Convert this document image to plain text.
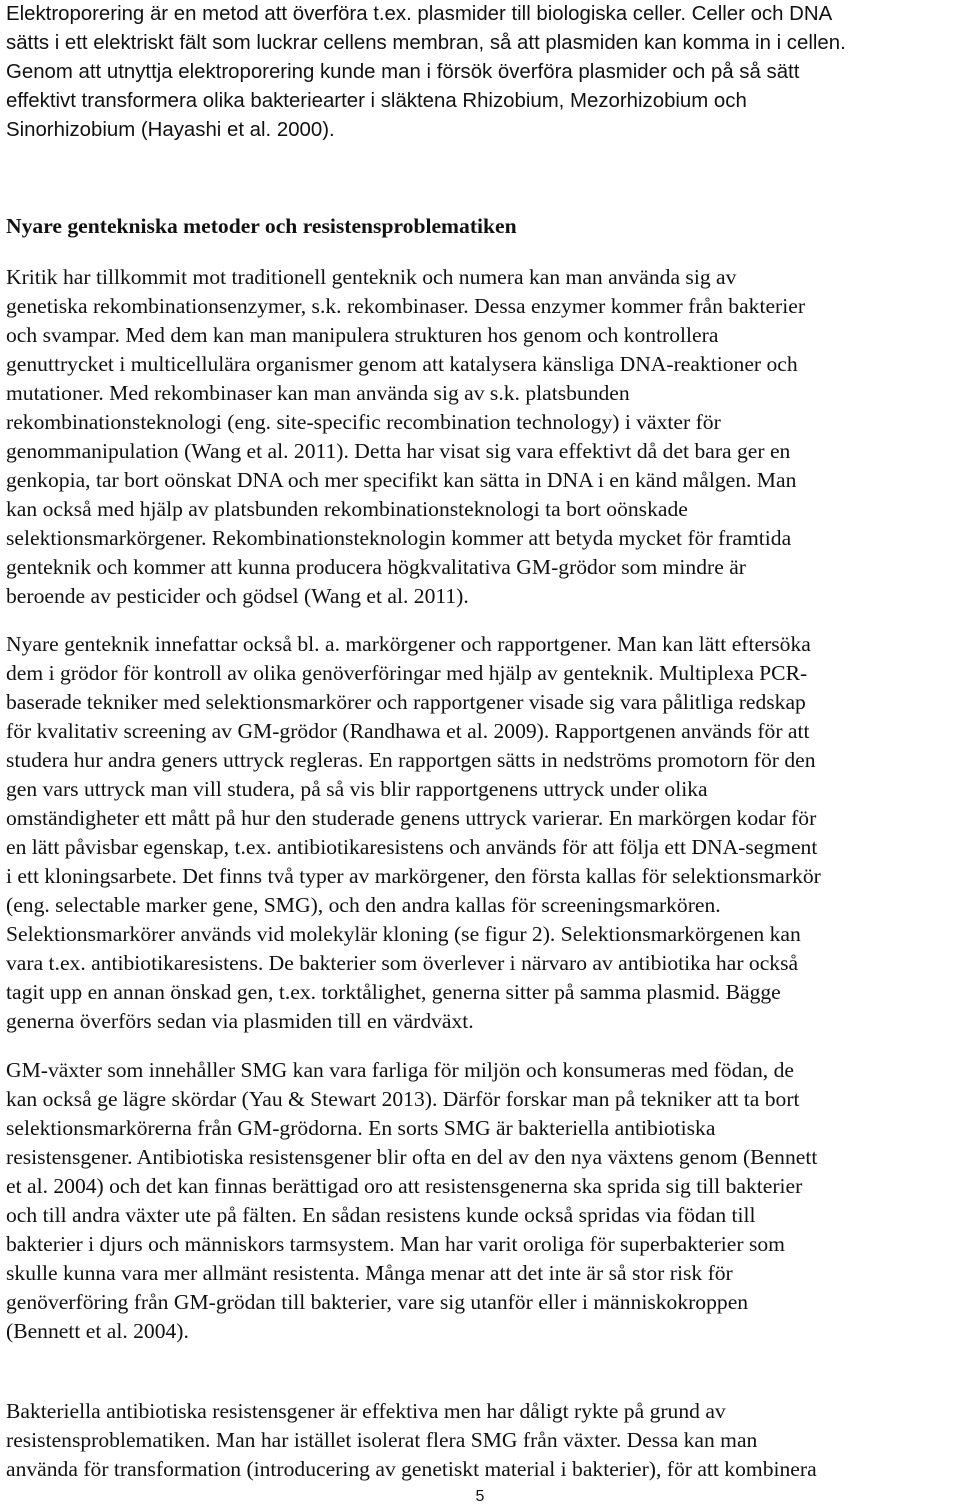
Elektroporering är en metod att överföra t.ex. plasmider till biologiska celler. Celler och DNA
sätts i ett elektriskt fält som luckrar cellens membran, så att plasmiden kan komma in i cellen.
Genom att utnyttja elektroporering kunde man i försök överföra plasmider och på så sätt
effektivt transformera olika bakteriearter i släktena Rhizobium, Mezorhizobium och
Sinorhizobium (Hayashi et al. 2000).

Nyare gentekniska metoder och resistensproblematiken

Kritik har tillkommit mot traditionell genteknik och numera kan man använda sig av
genetiska rekombinationsenzymer, s.k. rekombinaser. Dessa enzymer kommer från bakterier
och svampar. Med dem kan man manipulera strukturen hos genom och kontrollera
genuttrycket i multicellulära organismer genom att katalysera känsliga DNA-reaktioner och
mutationer. Med rekombinaser kan man använda sig av s.k. platsbunden
rekombinationsteknologi (eng. site-specific recombination technology) i växter för
genommanipulation (Wang et al. 2011). Detta har visat sig vara effektivt då det bara ger en
genkopia, tar bort oönskat DNA och mer specifikt kan sätta in DNA i en känd målgen. Man
kan också med hjälp av platsbunden rekombinationsteknologi ta bort oönskade
selektionsmarkörgener. Rekombinationsteknologin kommer att betyda mycket för framtida
genteknik och kommer att kunna producera högkvalitativa GM-grödor som mindre är
beroende av pesticider och gödsel (Wang et al. 2011).

Nyare genteknik innefattar också bl. a. markörgener och rapportgener. Man kan lätt eftersöka
dem i grödor för kontroll av olika genöverföringar med hjälp av genteknik. Multiplexa PCR-
baserade tekniker med selektionsmarkörer och rapportgener visade sig vara pålitliga redskap
för kvalitativ screening av GM-grödor (Randhawa et al. 2009). Rapportgenen används för att
studera hur andra geners uttryck regleras. En rapportgen sätts in nedströms promotorn för den
gen vars uttryck man vill studera, på så vis blir rapportgenens uttryck under olika
omständigheter ett mått på hur den studerade genens uttryck varierar. En markörgen kodar för
en lätt påvisbar egenskap, t.ex. antibiotikaresistens och används för att följa ett DNA-segment
i ett kloningsarbete. Det finns två typer av markörgener, den första kallas för selektionsmarkör
(eng. selectable marker gene, SMG), och den andra kallas för screeningsmarkören.
Selektionsmarkörer används vid molekylär kloning (se figur 2). Selektionsmarkörgenen kan
vara t.ex. antibiotikaresistens. De bakterier som överlever i närvaro av antibiotika har också
tagit upp en annan önskad gen, t.ex. torktålighet, generna sitter på samma plasmid. Bägge
generna överförs sedan via plasmiden till en värdväxt.

GM-växter som innehåller SMG kan vara farliga för miljön och konsumeras med födan, de
kan också ge lägre skördar (Yau & Stewart 2013). Därför forskar man på tekniker att ta bort
selektionsmarkörerna från GM-grödorna. En sorts SMG är bakteriella antibiotiska
resistensgener. Antibiotiska resistensgener blir ofta en del av den nya växtens genom (Bennett
et al. 2004) och det kan finnas berättigad oro att resistensgenerna ska sprida sig till bakterier
och till andra växter ute på fälten. En sådan resistens kunde också spridas via födan till
bakterier i djurs och människors tarmsystem. Man har varit oroliga för superbakterier som
skulle kunna vara mer allmänt resistenta. Många menar att det inte är så stor risk för
genöverföring från GM-grödan till bakterier, vare sig utanför eller i människokroppen
(Bennett et al. 2004).

Bakteriella antibiotiska resistensgener är effektiva men har dåligt rykte på grund av
resistensproblematiken. Man har istället isolerat flera SMG från växter. Dessa kan man
använda för transformation (introducering av genetiskt material i bakterier), för att kombinera

5
